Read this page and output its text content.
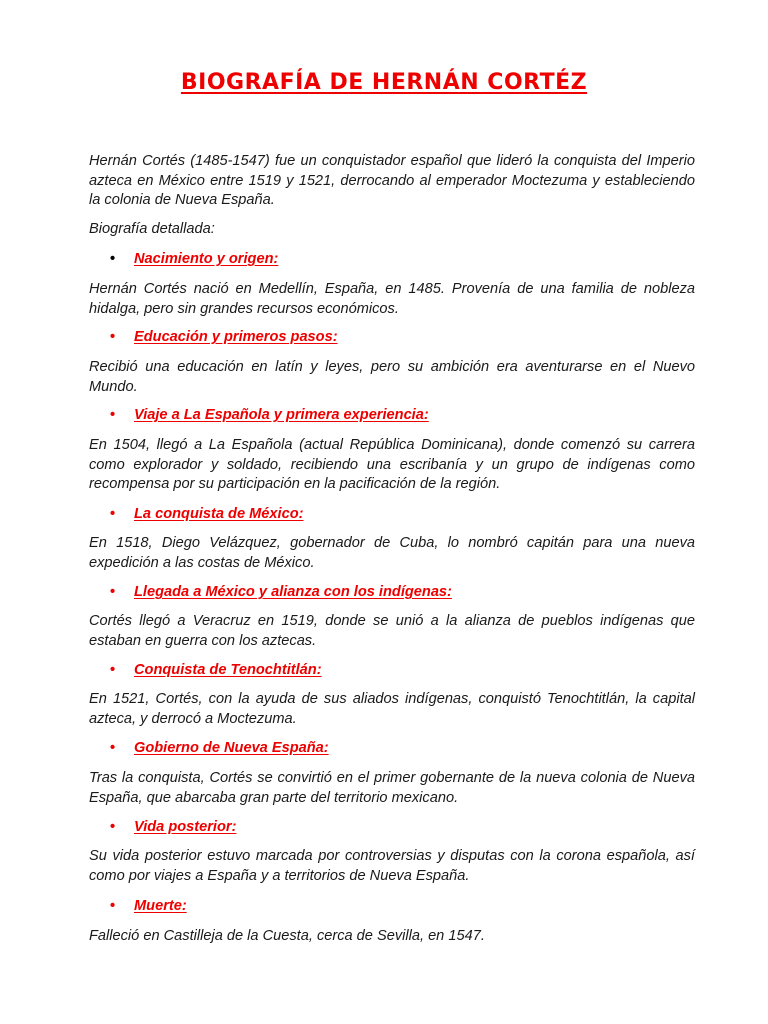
BIOGRAFÍA DE HERNÁN CORTÉZ

Hernán Cortés (1485-1547) fue un conquistador español que lideró la conquista del Imperio azteca en México entre 1519 y 1521, derrocando al emperador Moctezuma y estableciendo la colonia de Nueva España.

Biografía detallada:

• Nacimiento y origen:

Hernán Cortés nació en Medellín, España, en 1485. Provenía de una familia de nobleza hidalga, pero sin grandes recursos económicos.

• Educación y primeros pasos:

Recibió una educación en latín y leyes, pero su ambición era aventurarse en el Nuevo Mundo.

• Viaje a La Española y primera experiencia:

En 1504, llegó a La Española (actual República Dominicana), donde comenzó su carrera como explorador y soldado, recibiendo una escribanía y un grupo de indígenas como recompensa por su participación en la pacificación de la región.

• La conquista de México:

En 1518, Diego Velázquez, gobernador de Cuba, lo nombró capitán para una nueva expedición a las costas de México.

• Llegada a México y alianza con los indígenas:

Cortés llegó a Veracruz en 1519, donde se unió a la alianza de pueblos indígenas que estaban en guerra con los aztecas.

• Conquista de Tenochtitlán:

En 1521, Cortés, con la ayuda de sus aliados indígenas, conquistó Tenochtitlán, la capital azteca, y derrocó a Moctezuma.

• Gobierno de Nueva España:

Tras la conquista, Cortés se convirtió en el primer gobernante de la nueva colonia de Nueva España, que abarcaba gran parte del territorio mexicano.

• Vida posterior:

Su vida posterior estuvo marcada por controversias y disputas con la corona española, así como por viajes a España y a territorios de Nueva España.

• Muerte:

Falleció en Castilleja de la Cuesta, cerca de Sevilla, en 1547.
